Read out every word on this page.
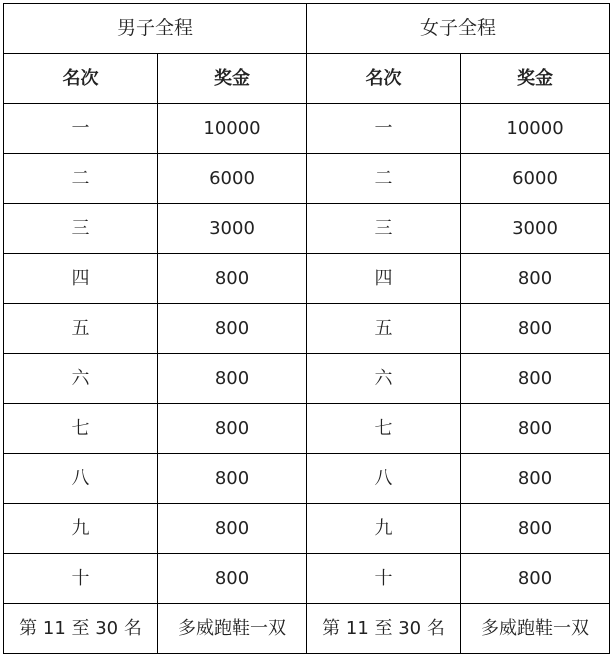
男子全程		女子全程	
名次	奖金	名次	奖金
一	10000	一	10000
二	6000	二	6000
三	3000	三	3000
四	800	四	800
五	800	五	800
六	800	六	800
七	800	七	800
八	800	八	800
九	800	九	800
十	800	十	800
第 11 至 30 名	多威跑鞋一双	第 11 至 30 名	多威跑鞋一双
